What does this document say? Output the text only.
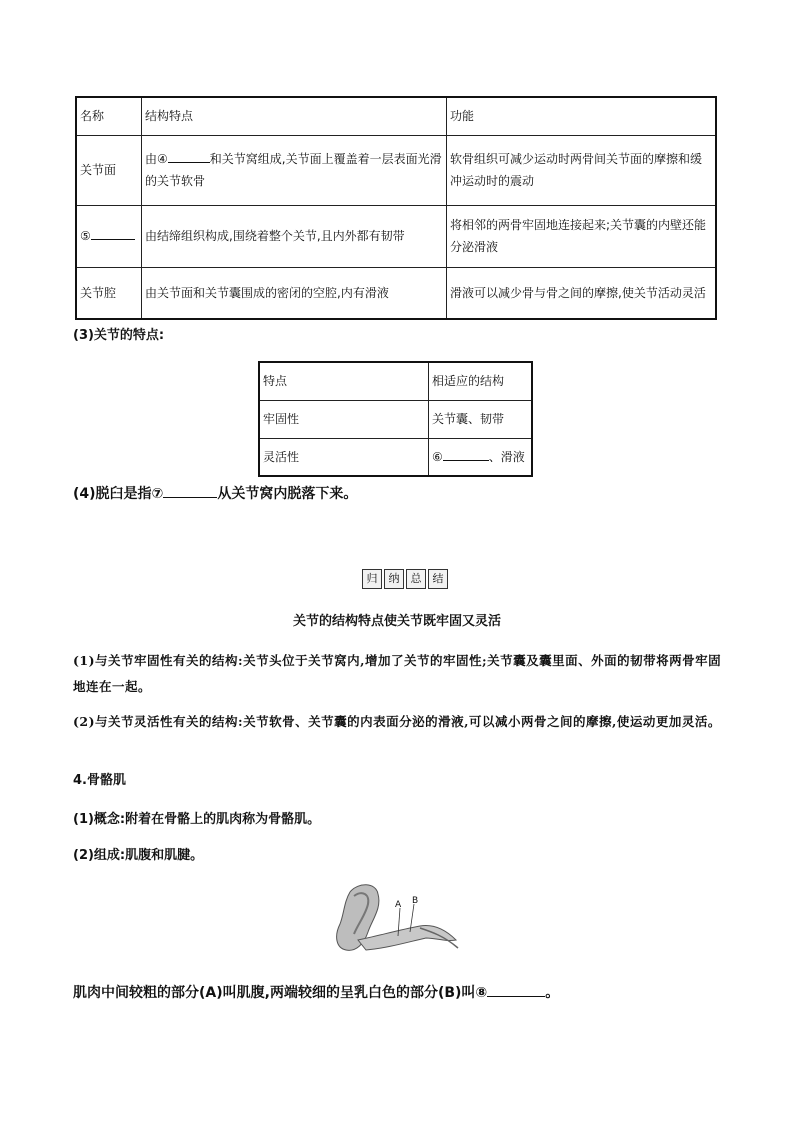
名称	结构特点	功能
关节面	由④ 和关节窝组成,关节面上覆盖着一层表面光滑的关节软骨	软骨组织可减少运动时两骨间关节面的摩擦和缓冲运动时的震动
⑤	由结缔组织构成,围绕着整个关节,且内外都有韧带	将相邻的两骨牢固地连接起来;关节囊的内壁还能分泌滑液
关节腔	由关节面和关节囊围成的密闭的空腔,内有滑液	滑液可以减少骨与骨之间的摩擦,使关节活动灵活
(3)关节的特点:
特点	相适应的结构
牢固性	关节囊、韧带
灵活性	⑥ 、滑液
(4)脱臼是指⑦	从关节窝内脱落下来。
归	纳	总	结
关节的结构特点使关节既牢固又灵活
(1)与关节牢固性有关的结构:关节头位于关节窝内,增加了关节的牢固性;关节囊及囊里面、外面的韧带将两骨牢固地连在一起。
(2)与关节灵活性有关的结构:关节软骨、关节囊的内表面分泌的滑液,可以减小两骨之间的摩擦,使运动更加灵活。
4.骨骼肌
(1)概念:附着在骨骼上的肌肉称为骨骼肌。
(2)组成:肌腹和肌腱。
A B
肌肉中间较粗的部分(A)叫肌腹,两端较细的呈乳白色的部分(B)叫⑧	。
